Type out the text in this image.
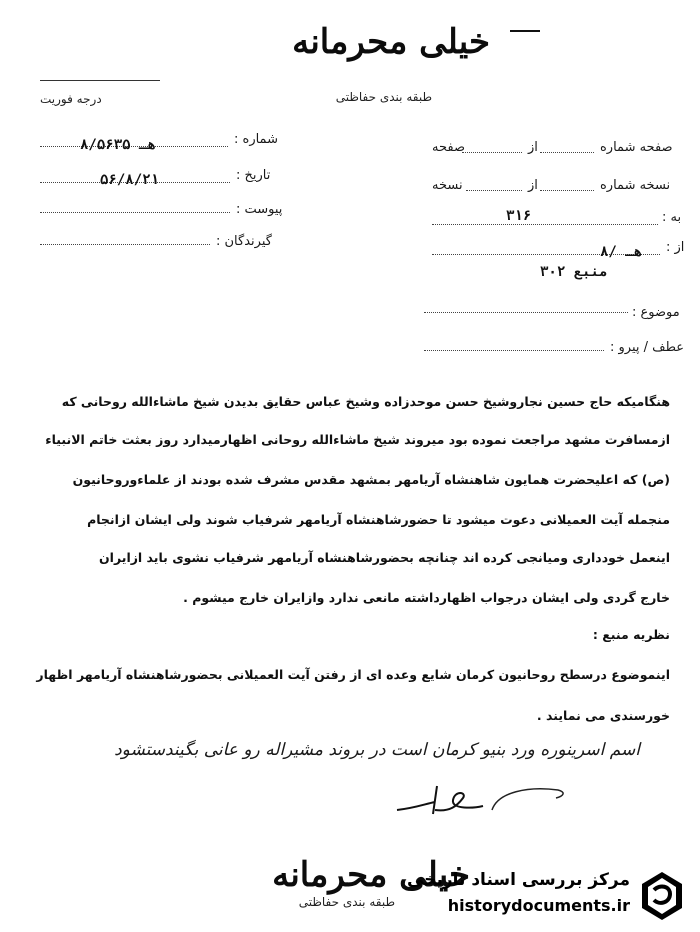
خیلی محرمانه
طبقه بندی حفاظتی
درجه فوریت
صفحه شماره
از
صفحه
نسخه شماره
از
نسخه
به :
۳۱۶
از :
۸/ هـ
منبع ۳۰۲
شماره :
۸/۵۶۳۵ هـ
تاریخ :
۵۶/۸/۲۱
پیوست :
گیرندگان :
موضوع :
عطف / پیرو :
هنگامیکه حاج حسین نجاروشیخ حسن موحدزاده وشیخ عباس حقایق بدیدن شیخ ماشاءالله روحانی که
ازمسافرت مشهد مراجعت نموده بود میروند شیخ ماشاءالله روحانی اظهارمیدارد روز بعثت خاتم الانبیاء
(ص) که اعلیحضرت همایون شاهنشاه آریامهر بمشهد مقدس مشرف شده بودند از علماءوروحانیون
منجمله آیت العمیلانی دعوت میشود تا حضورشاهنشاه آریامهر شرفیاب شوند ولی ایشان ازانجام
اینعمل خودداری ومیانجی کرده اند چنانچه بحضورشاهنشاه آریامهر شرفیاب نشوی باید ازایران
خارج گردی ولی ایشان درجواب اظهارداشته مانعی ندارد وازایران خارج میشوم .
نظریه منبع :
اینموضوع درسطح روحانیون کرمان شایع وعده ای از رفتن آیت العمیلانی بحضورشاهنشاه آریامهر اظهار
خورسندی می نمایند .
اسم اسرینوره ورد بنیو کرمان است در بروند مشیراله رو عانی بگیندستشود
خیلی محرمانه
طبقه بندی حفاظتی
مرکز بررسی اسناد تاریخی
historydocuments.ir
